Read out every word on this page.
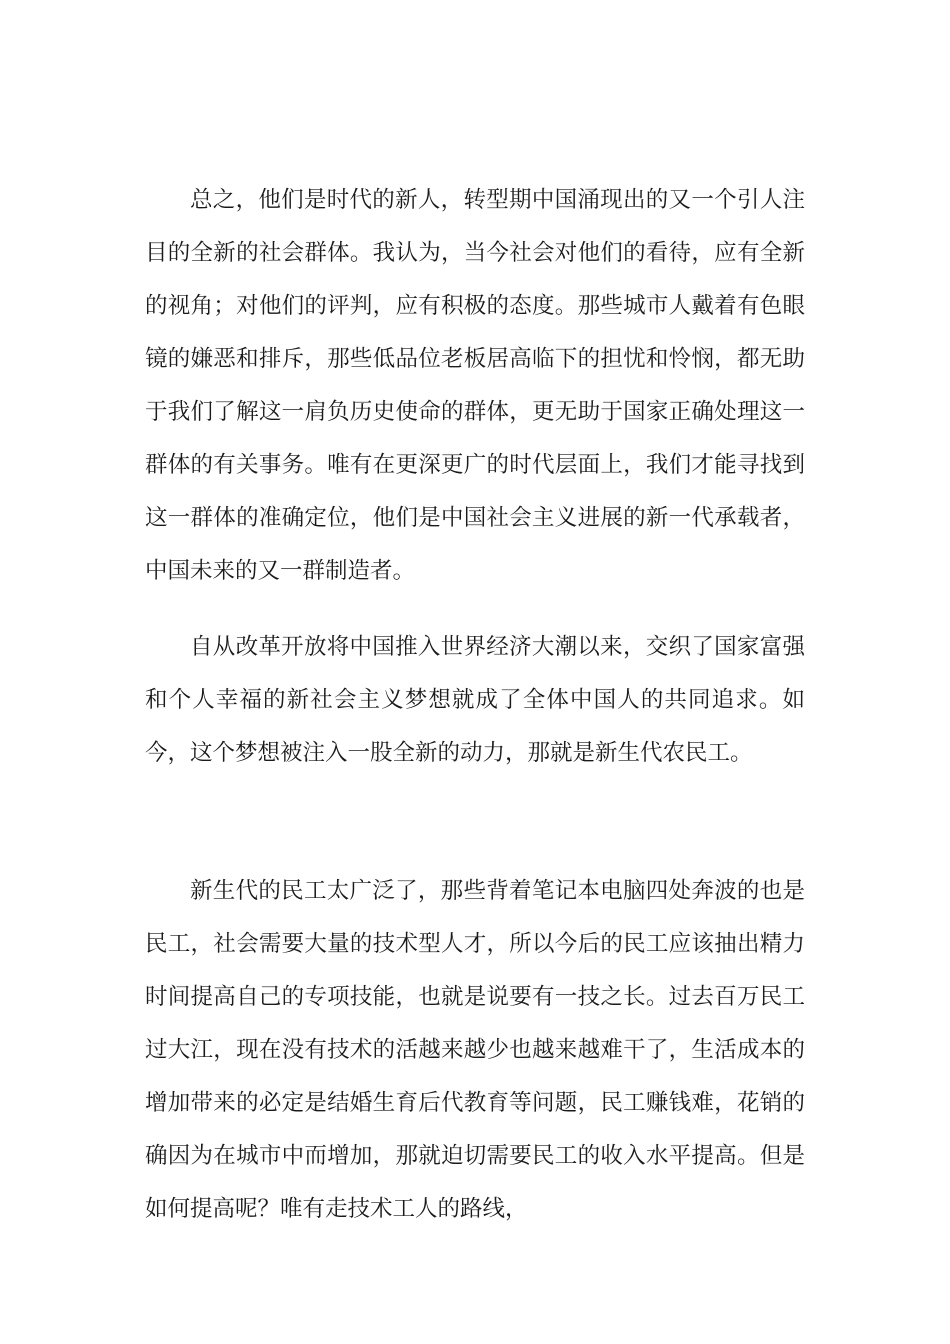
总之，他们是时代的新人，转型期中国涌现出的又一个引人注目的全新的社会群体。我认为，当今社会对他们的看待，应有全新的视角；对他们的评判，应有积极的态度。那些城市人戴着有色眼镜的嫌恶和排斥，那些低品位老板居高临下的担忧和怜悯，都无助于我们了解这一肩负历史使命的群体，更无助于国家正确处理这一群体的有关事务。唯有在更深更广的时代层面上，我们才能寻找到这一群体的准确定位，他们是中国社会主义进展的新一代承载者，中国未来的又一群制造者。

自从改革开放将中国推入世界经济大潮以来，交织了国家富强和个人幸福的新社会主义梦想就成了全体中国人的共同追求。如今，这个梦想被注入一股全新的动力，那就是新生代农民工。

新生代的民工太广泛了，那些背着笔记本电脑四处奔波的也是民工，社会需要大量的技术型人才，所以今后的民工应该抽出精力时间提高自己的专项技能，也就是说要有一技之长。过去百万民工过大江，现在没有技术的活越来越少也越来越难干了，生活成本的增加带来的必定是结婚生育后代教育等问题，民工赚钱难，花销的确因为在城市中而增加，那就迫切需要民工的收入水平提高。但是如何提高呢？唯有走技术工人的路线，
